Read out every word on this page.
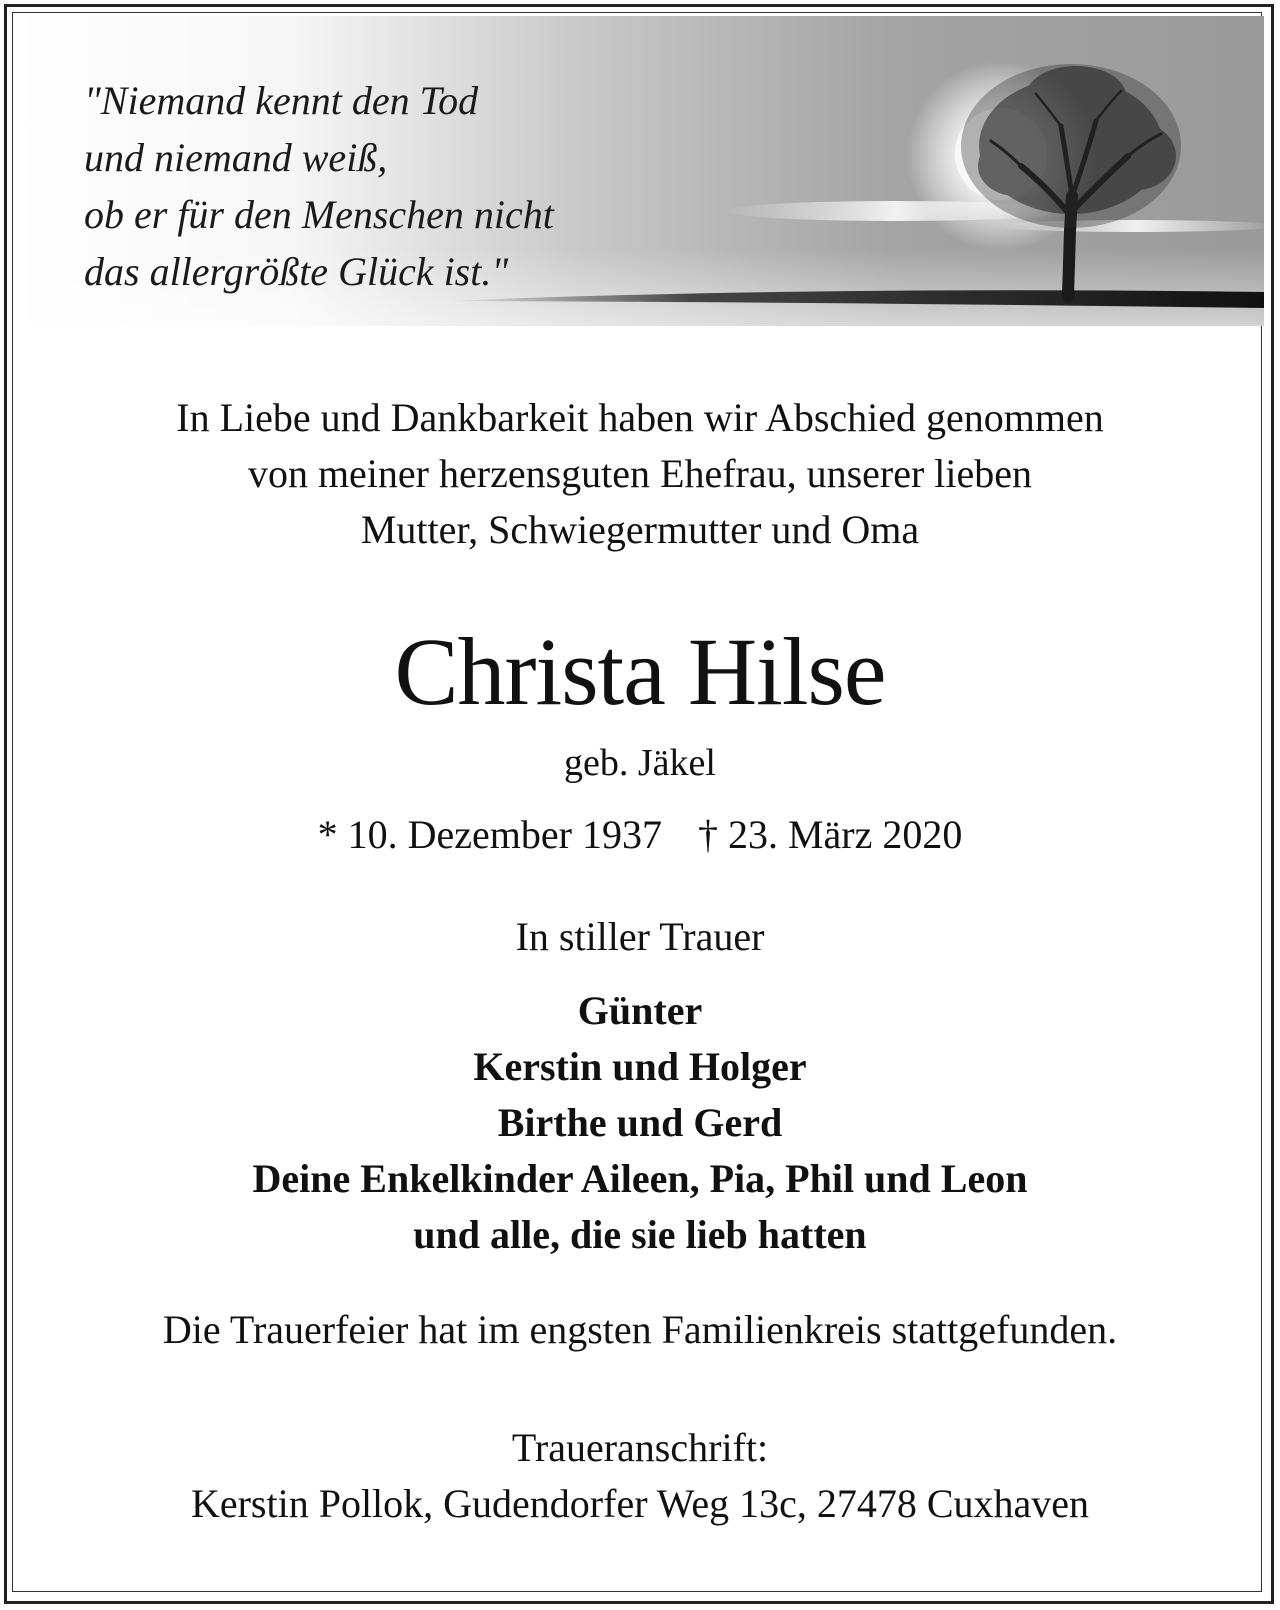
"Niemand kennt den Tod
und niemand weiß,
ob er für den Menschen nicht
das allergrößte Glück ist."
In Liebe und Dankbarkeit haben wir Abschied genommen
von meiner herzensguten Ehefrau, unserer lieben
Mutter, Schwiegermutter und Oma
Christa Hilse
geb. Jäkel
* 10. Dezember 1937 † 23. März 2020
In stiller Trauer
Günter
Kerstin und Holger
Birthe und Gerd
Deine Enkelkinder Aileen, Pia, Phil und Leon
und alle, die sie lieb hatten
Die Trauerfeier hat im engsten Familienkreis stattgefunden.
Traueranschrift:
Kerstin Pollok, Gudendorfer Weg 13c, 27478 Cuxhaven
